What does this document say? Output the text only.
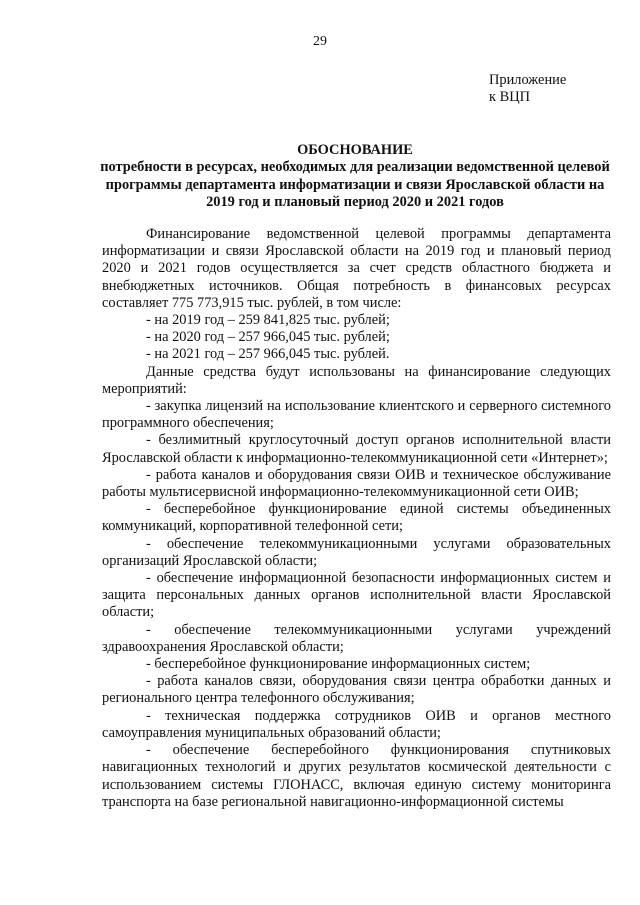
29
Приложение
к ВЦП
ОБОСНОВАНИЕ
потребности в ресурсах, необходимых для реализации ведомственной целевой программы департамента информатизации и связи Ярославской области на 2019 год и плановый период 2020 и 2021 годов

Финансирование ведомственной целевой программы департамента информатизации и связи Ярославской области на 2019 год и плановый период 2020 и 2021 годов осуществляется за счет средств областного бюджета и внебюджетных источников. Общая потребность в финансовых ресурсах составляет 775 773,915 тыс. рублей, в том числе:

- на 2019 год – 259 841,825 тыс. рублей;

- на 2020 год – 257 966,045 тыс. рублей;

- на 2021 год – 257 966,045 тыс. рублей.

Данные средства будут использованы на финансирование следующих мероприятий:

- закупка лицензий на использование клиентского и серверного системного программного обеспечения;

- безлимитный круглосуточный доступ органов исполнительной власти Ярославской области к информационно-телекоммуникационной сети «Интернет»;

- работа каналов и оборудования связи ОИВ и техническое обслуживание работы мультисервисной информационно-телекоммуникационной сети ОИВ;

- бесперебойное функционирование единой системы объединенных коммуникаций, корпоративной телефонной сети;

- обеспечение телекоммуникационными услугами образовательных организаций Ярославской области;

- обеспечение информационной безопасности информационных систем и защита персональных данных органов исполнительной власти Ярославской области;

- обеспечение телекоммуникационными услугами учреждений здравоохранения Ярославской области;

- бесперебойное функционирование информационных систем;

- работа каналов связи, оборудования связи центра обработки данных и регионального центра телефонного обслуживания;

- техническая поддержка сотрудников ОИВ и органов местного самоуправления муниципальных образований области;

- обеспечение бесперебойного функционирования спутниковых навигационных технологий и других результатов космической деятельности с использованием системы ГЛОНАСС, включая единую систему мониторинга транспорта на базе региональной навигационно-информационной системы
